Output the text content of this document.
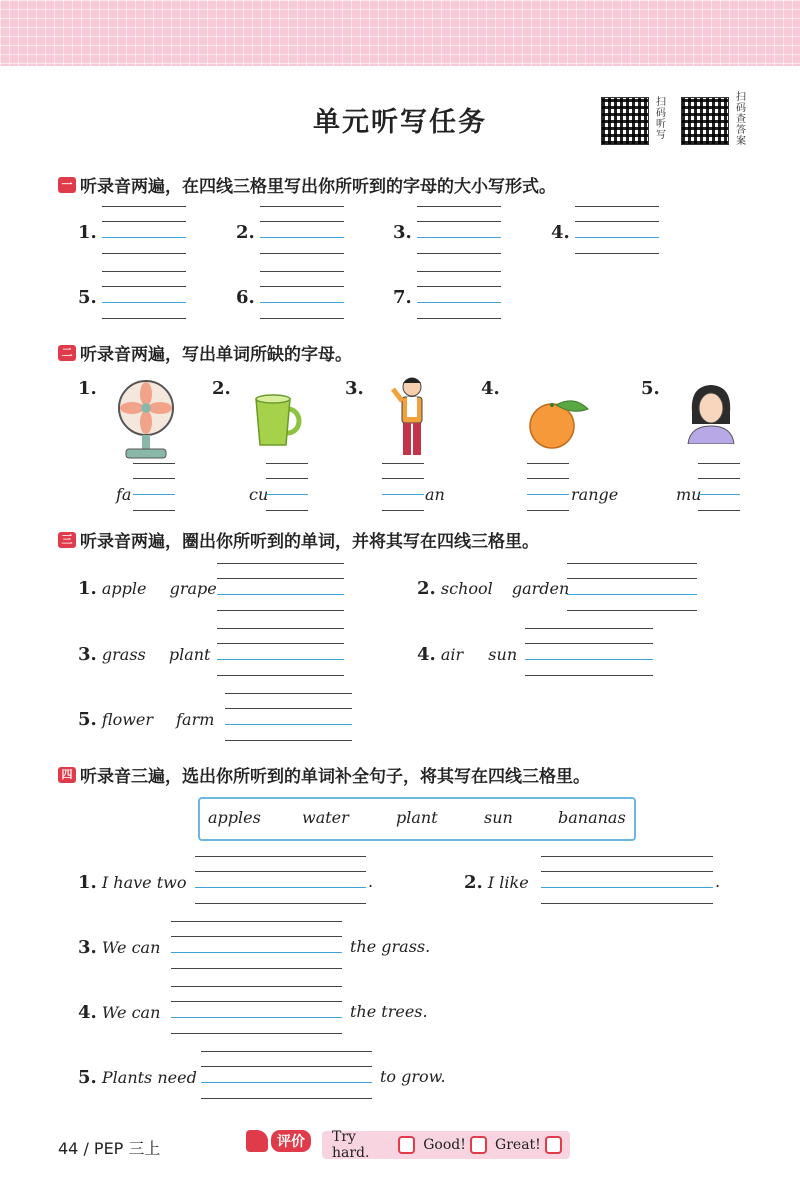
单元听写任务
扫码听写
扫码查答案
一 听录音两遍，在四线三格里写出你所听到的字母的大小写形式。
1.	2.	3.	4.
5.	6.	7.
二 听录音两遍，写出单词所缺的字母。
1.
fa
2.
cu
3.
an
4.
range
5.
mu
三 听录音两遍，圈出你所听到的单词，并将其写在四线三格里。
1. apple grape	2. school garden
3. grass plant	4. air sun
5. flower farm
四 听录音三遍，选出你所听到的单词补全句子，将其写在四线三格里。
apples	water	plant	sun	bananas
1. I have two	.	2. I like	.
3. We can	the grass.
4. We can	the trees.
5. Plants need	to grow.
44 / PEP 三上	评价	Try hard.	Good! Great!
